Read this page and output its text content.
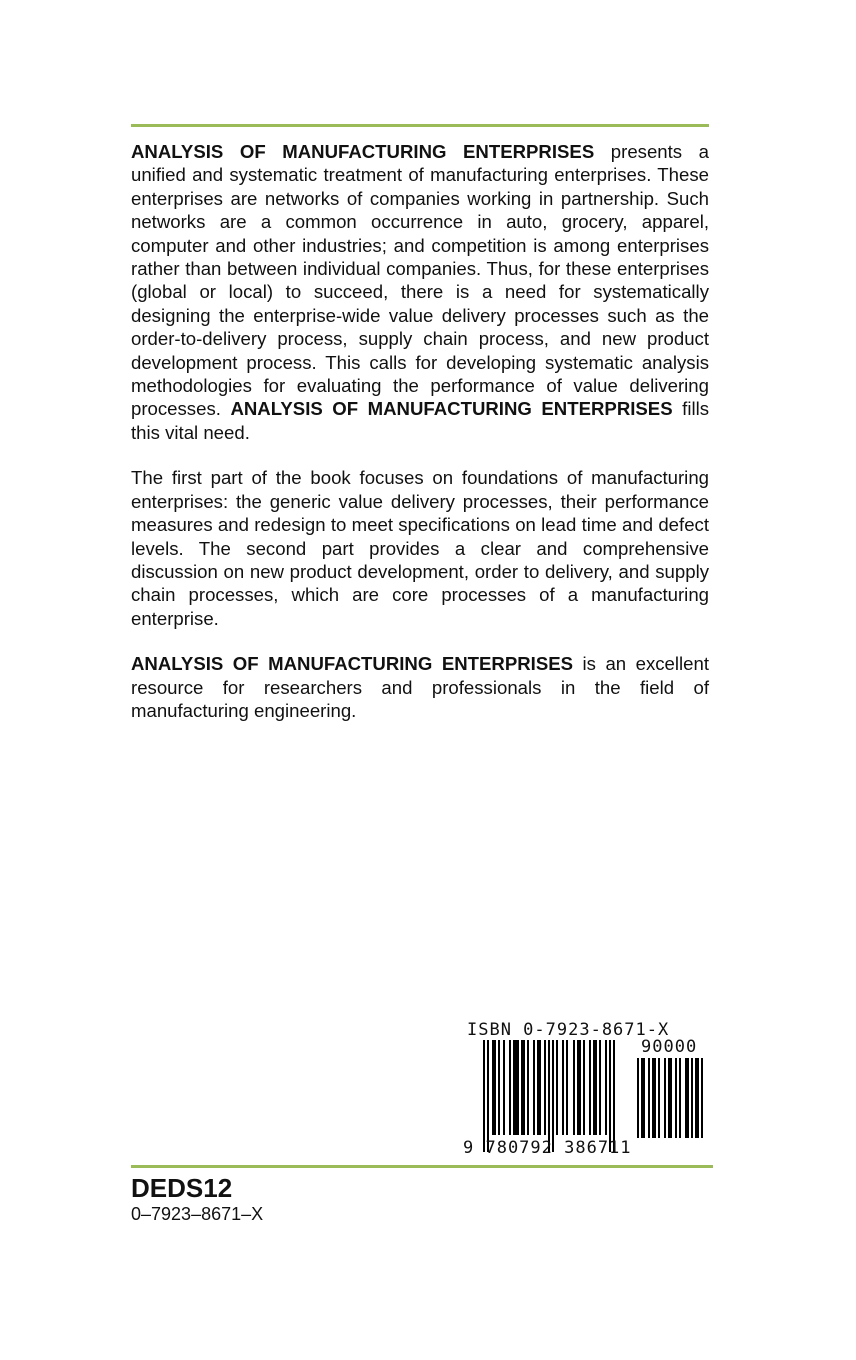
ANALYSIS OF MANUFACTURING ENTERPRISES presents a unified and systematic treatment of manufacturing enterprises. These enterprises are networks of companies working in partnership. Such networks are a common occurrence in auto, grocery, apparel, computer and other industries; and competition is among enterprises rather than between individual companies. Thus, for these enterprises (global or local) to succeed, there is a need for systematically designing the enterprise-wide value delivery processes such as the order-to-delivery process, supply chain process, and new product development process. This calls for developing systematic analysis methodologies for evaluating the performance of value delivering processes. ANALYSIS OF MANUFACTURING ENTERPRISES fills this vital need.

The first part of the book focuses on foundations of manufacturing enterprises: the generic value delivery processes, their performance measures and redesign to meet specifications on lead time and defect levels. The second part provides a clear and comprehensive discussion on new product development, order to delivery, and supply chain processes, which are core processes of a manufacturing enterprise.

ANALYSIS OF MANUFACTURING ENTERPRISES is an excellent resource for researchers and professionals in the field of manufacturing engineering.

ISBN 0-7923-8671-X
90000
9 780792 386711
DEDS12
0–7923–8671–X
